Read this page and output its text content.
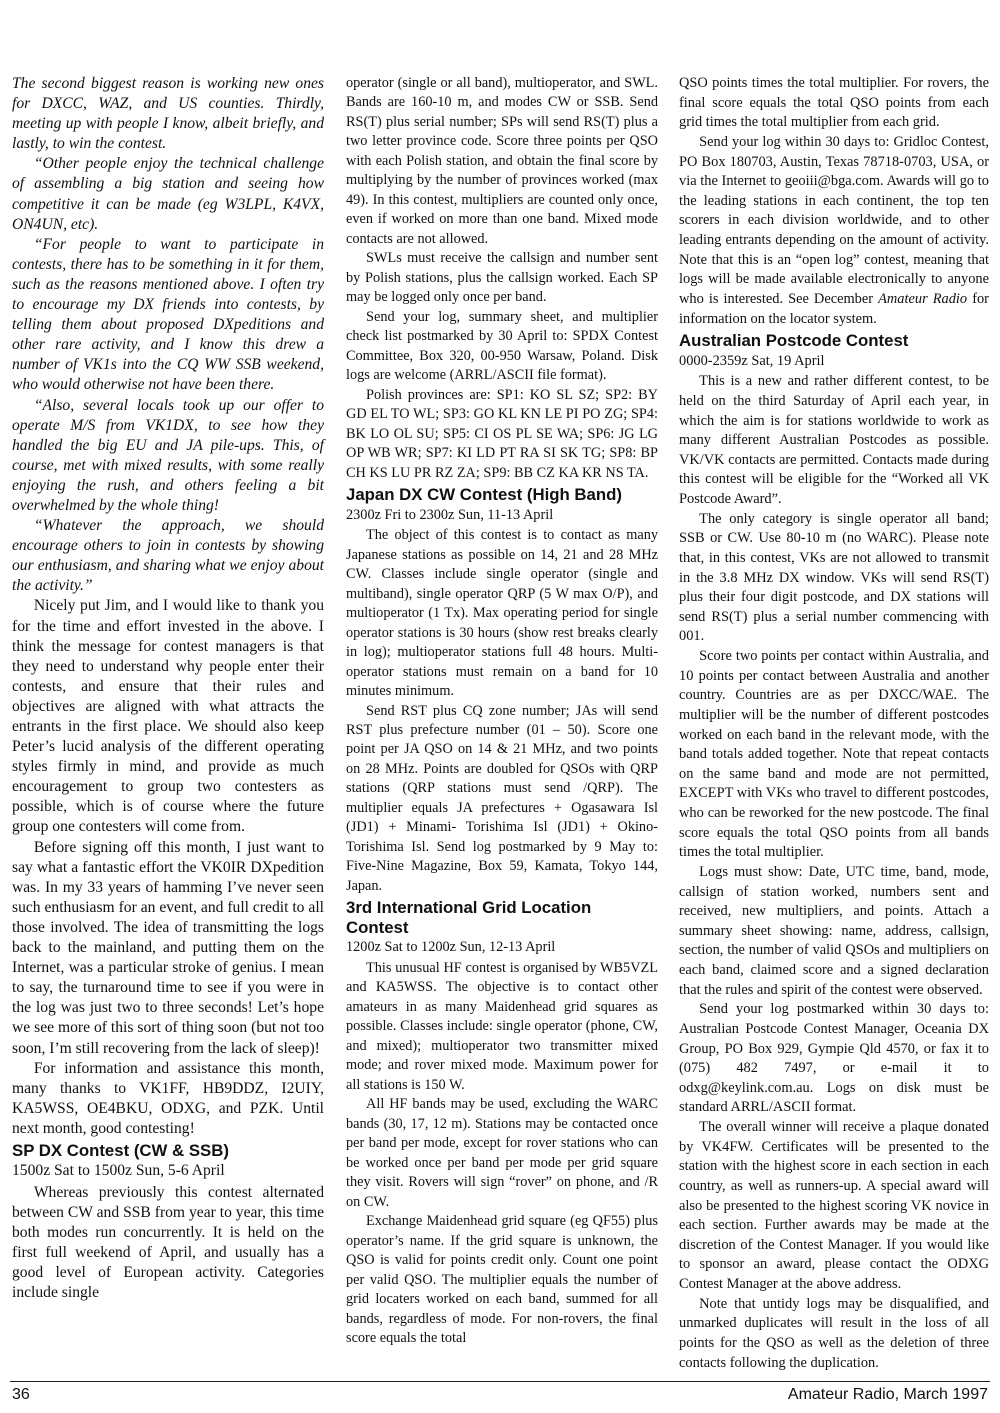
The second biggest reason is working new ones for DXCC, WAZ, and US counties. Thirdly, meeting up with people I know, albeit briefly, and lastly, to win the contest.

“Other people enjoy the technical challenge of assembling a big station and seeing how competitive it can be made (eg W3LPL, K4VX, ON4UN, etc).

“For people to want to participate in contests, there has to be something in it for them, such as the reasons mentioned above. I often try to encourage my DX friends into contests, by telling them about proposed DXpeditions and other rare activity, and I know this drew a number of VK1s into the CQ WW SSB weekend, who would otherwise not have been there.

“Also, several locals took up our offer to operate M/S from VK1DX, to see how they handled the big EU and JA pile-ups. This, of course, met with mixed results, with some really enjoying the rush, and others feeling a bit overwhelmed by the whole thing!

“Whatever the approach, we should encourage others to join in contests by showing our enthusiasm, and sharing what we enjoy about the activity.”

Nicely put Jim, and I would like to thank you for the time and effort invested in the above. I think the message for contest managers is that they need to understand why people enter their contests, and ensure that their rules and objectives are aligned with what attracts the entrants in the first place. We should also keep Peter’s lucid analysis of the different operating styles firmly in mind, and provide as much encouragement to group two contesters as possible, which is of course where the future group one contesters will come from.

Before signing off this month, I just want to say what a fantastic effort the VK0IR DXpedition was. In my 33 years of hamming I’ve never seen such enthusiasm for an event, and full credit to all those involved. The idea of transmitting the logs back to the mainland, and putting them on the Internet, was a particular stroke of genius. I mean to say, the turnaround time to see if you were in the log was just two to three seconds! Let’s hope we see more of this sort of thing soon (but not too soon, I’m still recovering from the lack of sleep)!

For information and assistance this month, many thanks to VK1FF, HB9DDZ, I2UIY, KA5WSS, OE4BKU, ODXG, and PZK. Until next month, good contesting!

SP DX Contest (CW & SSB)

1500z Sat to 1500z Sun, 5-6 April

Whereas previously this contest alternated between CW and SSB from year to year, this time both modes run concurrently. It is held on the first full weekend of April, and usually has a good level of European activity. Categories include single

operator (single or all band), multioperator, and SWL. Bands are 160-10 m, and modes CW or SSB. Send RS(T) plus serial number; SPs will send RS(T) plus a two letter province code. Score three points per QSO with each Polish station, and obtain the final score by multiplying by the number of provinces worked (max 49). In this contest, multipliers are counted only once, even if worked on more than one band. Mixed mode contacts are not allowed.

SWLs must receive the callsign and number sent by Polish stations, plus the callsign worked. Each SP may be logged only once per band.

Send your log, summary sheet, and multiplier check list postmarked by 30 April to: SPDX Contest Committee, Box 320, 00-950 Warsaw, Poland. Disk logs are welcome (ARRL/ASCII file format).

Polish provinces are: SP1: KO SL SZ; SP2: BY GD EL TO WL; SP3: GO KL KN LE PI PO ZG; SP4: BK LO OL SU; SP5: CI OS PL SE WA; SP6: JG LG OP WB WR; SP7: KI LD PT RA SI SK TG; SP8: BP CH KS LU PR RZ ZA; SP9: BB CZ KA KR NS TA.

Japan DX CW Contest (High Band)

2300z Fri to 2300z Sun, 11-13 April

The object of this contest is to contact as many Japanese stations as possible on 14, 21 and 28 MHz CW. Classes include single operator (single and multiband), single operator QRP (5 W max O/P), and multioperator (1 Tx). Max operating period for single operator stations is 30 hours (show rest breaks clearly in log); multioperator stations full 48 hours. Multi-operator stations must remain on a band for 10 minutes minimum.

Send RST plus CQ zone number; JAs will send RST plus prefecture number (01 – 50). Score one point per JA QSO on 14 & 21 MHz, and two points on 28 MHz. Points are doubled for QSOs with QRP stations (QRP stations must send /QRP). The multiplier equals JA prefectures + Ogasawara Isl (JD1) + Minami- Torishima Isl (JD1) + Okino-Torishima Isl. Send log postmarked by 9 May to: Five-Nine Magazine, Box 59, Kamata, Tokyo 144, Japan.

3rd International Grid Location Contest

1200z Sat to 1200z Sun, 12-13 April

This unusual HF contest is organised by WB5VZL and KA5WSS. The objective is to contact other amateurs in as many Maidenhead grid squares as possible. Classes include: single operator (phone, CW, and mixed); multioperator two transmitter mixed mode; and rover mixed mode. Maximum power for all stations is 150 W.

All HF bands may be used, excluding the WARC bands (30, 17, 12 m). Stations may be contacted once per band per mode, except for rover stations who can be worked once per band per mode per grid square they visit. Rovers will sign “rover” on phone, and /R on CW.

Exchange Maidenhead grid square (eg QF55) plus operator’s name. If the grid square is unknown, the QSO is valid for points credit only. Count one point per valid QSO. The multiplier equals the number of grid locaters worked on each band, summed for all bands, regardless of mode. For non-rovers, the final score equals the total

QSO points times the total multiplier. For rovers, the final score equals the total QSO points from each grid times the total multiplier from each grid.

Send your log within 30 days to: Gridloc Contest, PO Box 180703, Austin, Texas 78718-0703, USA, or via the Internet to geoiii@bga.com. Awards will go to the leading stations in each continent, the top ten scorers in each division worldwide, and to other leading entrants depending on the amount of activity. Note that this is an “open log” contest, meaning that logs will be made available electronically to anyone who is interested. See December Amateur Radio for information on the locator system.

Australian Postcode Contest

0000-2359z Sat, 19 April

This is a new and rather different contest, to be held on the third Saturday of April each year, in which the aim is for stations worldwide to work as many different Australian Postcodes as possible. VK/VK contacts are permitted. Contacts made during this contest will be eligible for the “Worked all VK Postcode Award”.

The only category is single operator all band; SSB or CW. Use 80-10 m (no WARC). Please note that, in this contest, VKs are not allowed to transmit in the 3.8 MHz DX window. VKs will send RS(T) plus their four digit postcode, and DX stations will send RS(T) plus a serial number commencing with 001.

Score two points per contact within Australia, and 10 points per contact between Australia and another country. Countries are as per DXCC/WAE. The multiplier will be the number of different postcodes worked on each band in the relevant mode, with the band totals added together. Note that repeat contacts on the same band and mode are not permitted, EXCEPT with VKs who travel to different postcodes, who can be reworked for the new postcode. The final score equals the total QSO points from all bands times the total multiplier.

Logs must show: Date, UTC time, band, mode, callsign of station worked, numbers sent and received, new multipliers, and points. Attach a summary sheet showing: name, address, callsign, section, the number of valid QSOs and multipliers on each band, claimed score and a signed declaration that the rules and spirit of the contest were observed.

Send your log postmarked within 30 days to: Australian Postcode Contest Manager, Oceania DX Group, PO Box 929, Gympie Qld 4570, or fax it to (075) 482 7497, or e-mail it to odxg@keylink.com.au. Logs on disk must be standard ARRL/ASCII format.

The overall winner will receive a plaque donated by VK4FW. Certificates will be presented to the station with the highest score in each section in each country, as well as runners-up. A special award will also be presented to the highest scoring VK novice in each section. Further awards may be made at the discretion of the Contest Manager. If you would like to sponsor an award, please contact the ODXG Contest Manager at the above address.

Note that untidy logs may be disqualified, and unmarked duplicates will result in the loss of all points for the QSO as well as the deletion of three contacts following the duplication.

36	Amateur Radio, March 1997
